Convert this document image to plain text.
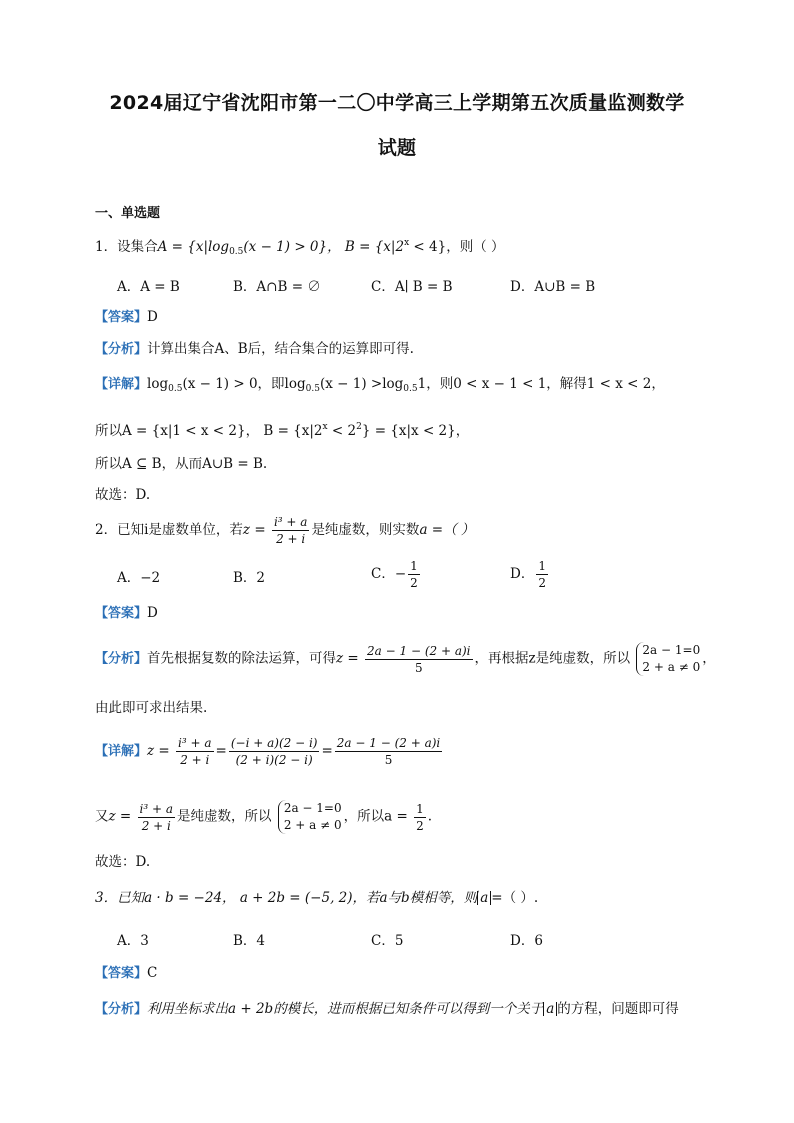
2024届辽宁省沈阳市第一二〇中学高三上学期第五次质量监测数学
试题
一、单选题
1．设集合$A = \{x|\log_{0.5}(x - 1) > 0\}$， $B = \{x|2^x < 4\}$，则（ ）
A．A = B	B．A∩B = ∅	C．A∣ B = B	D．A∪B = B
【答案】D
【分析】计算出集合A、B后，结合集合的运算即可得.
【详解】$\log_{0.5}(x - 1) > 0$，即$\log_{0.5}(x - 1) >\log_{0.5}1$，则0 < x − 1 < 1，解得1 < x < 2，
所以A = {x|1 < x < 2}， $B = \{x|2^x < 2^2\} = \{x|x < 2\}$，
所以A ⊆ B，从而A∪B = B.
故选：D.
2．已知i是虚数单位，若$z = \frac{\text{i³ + a}}{2 + i}$ 是纯虚数，则实数a =（ ）
A．−2	B．2	C．− $\frac{1}{2}$	D． $\frac{1}{2}$
【答案】D
【分析】首先根据复数的除法运算，可得$z = \frac{2a - 1 - (2 + a)i}{5}$ ，再根据z是纯虚数，所以
2a − 1=0
2 + a ≠ 0
，
由此即可求出结果.
【详解】$z = \frac{\text{i³ + a}}{2 + i} = \frac{(-i + a)(2 - i)}{(2 + i)(2 - i)} = \frac{2a - 1 - (2 + a)i}{5}$
又$z = \frac{\text{i³ + a}}{2 + i}$ 是纯虚数，所以
2a − 1=0
2 + a ≠ 0
，所以$a = \frac{1}{2}$ .
故选：D.
3．已知a · b = −24， a + 2b = (−5, 2)，若a与b模相等，则 a =（ ）.
A．3	B．4	C．5	D．6
【答案】C
【分析】利用坐标求出a + 2b的模长，进而根据已知条件可以得到一个关于 a 的方程，问题即可得
